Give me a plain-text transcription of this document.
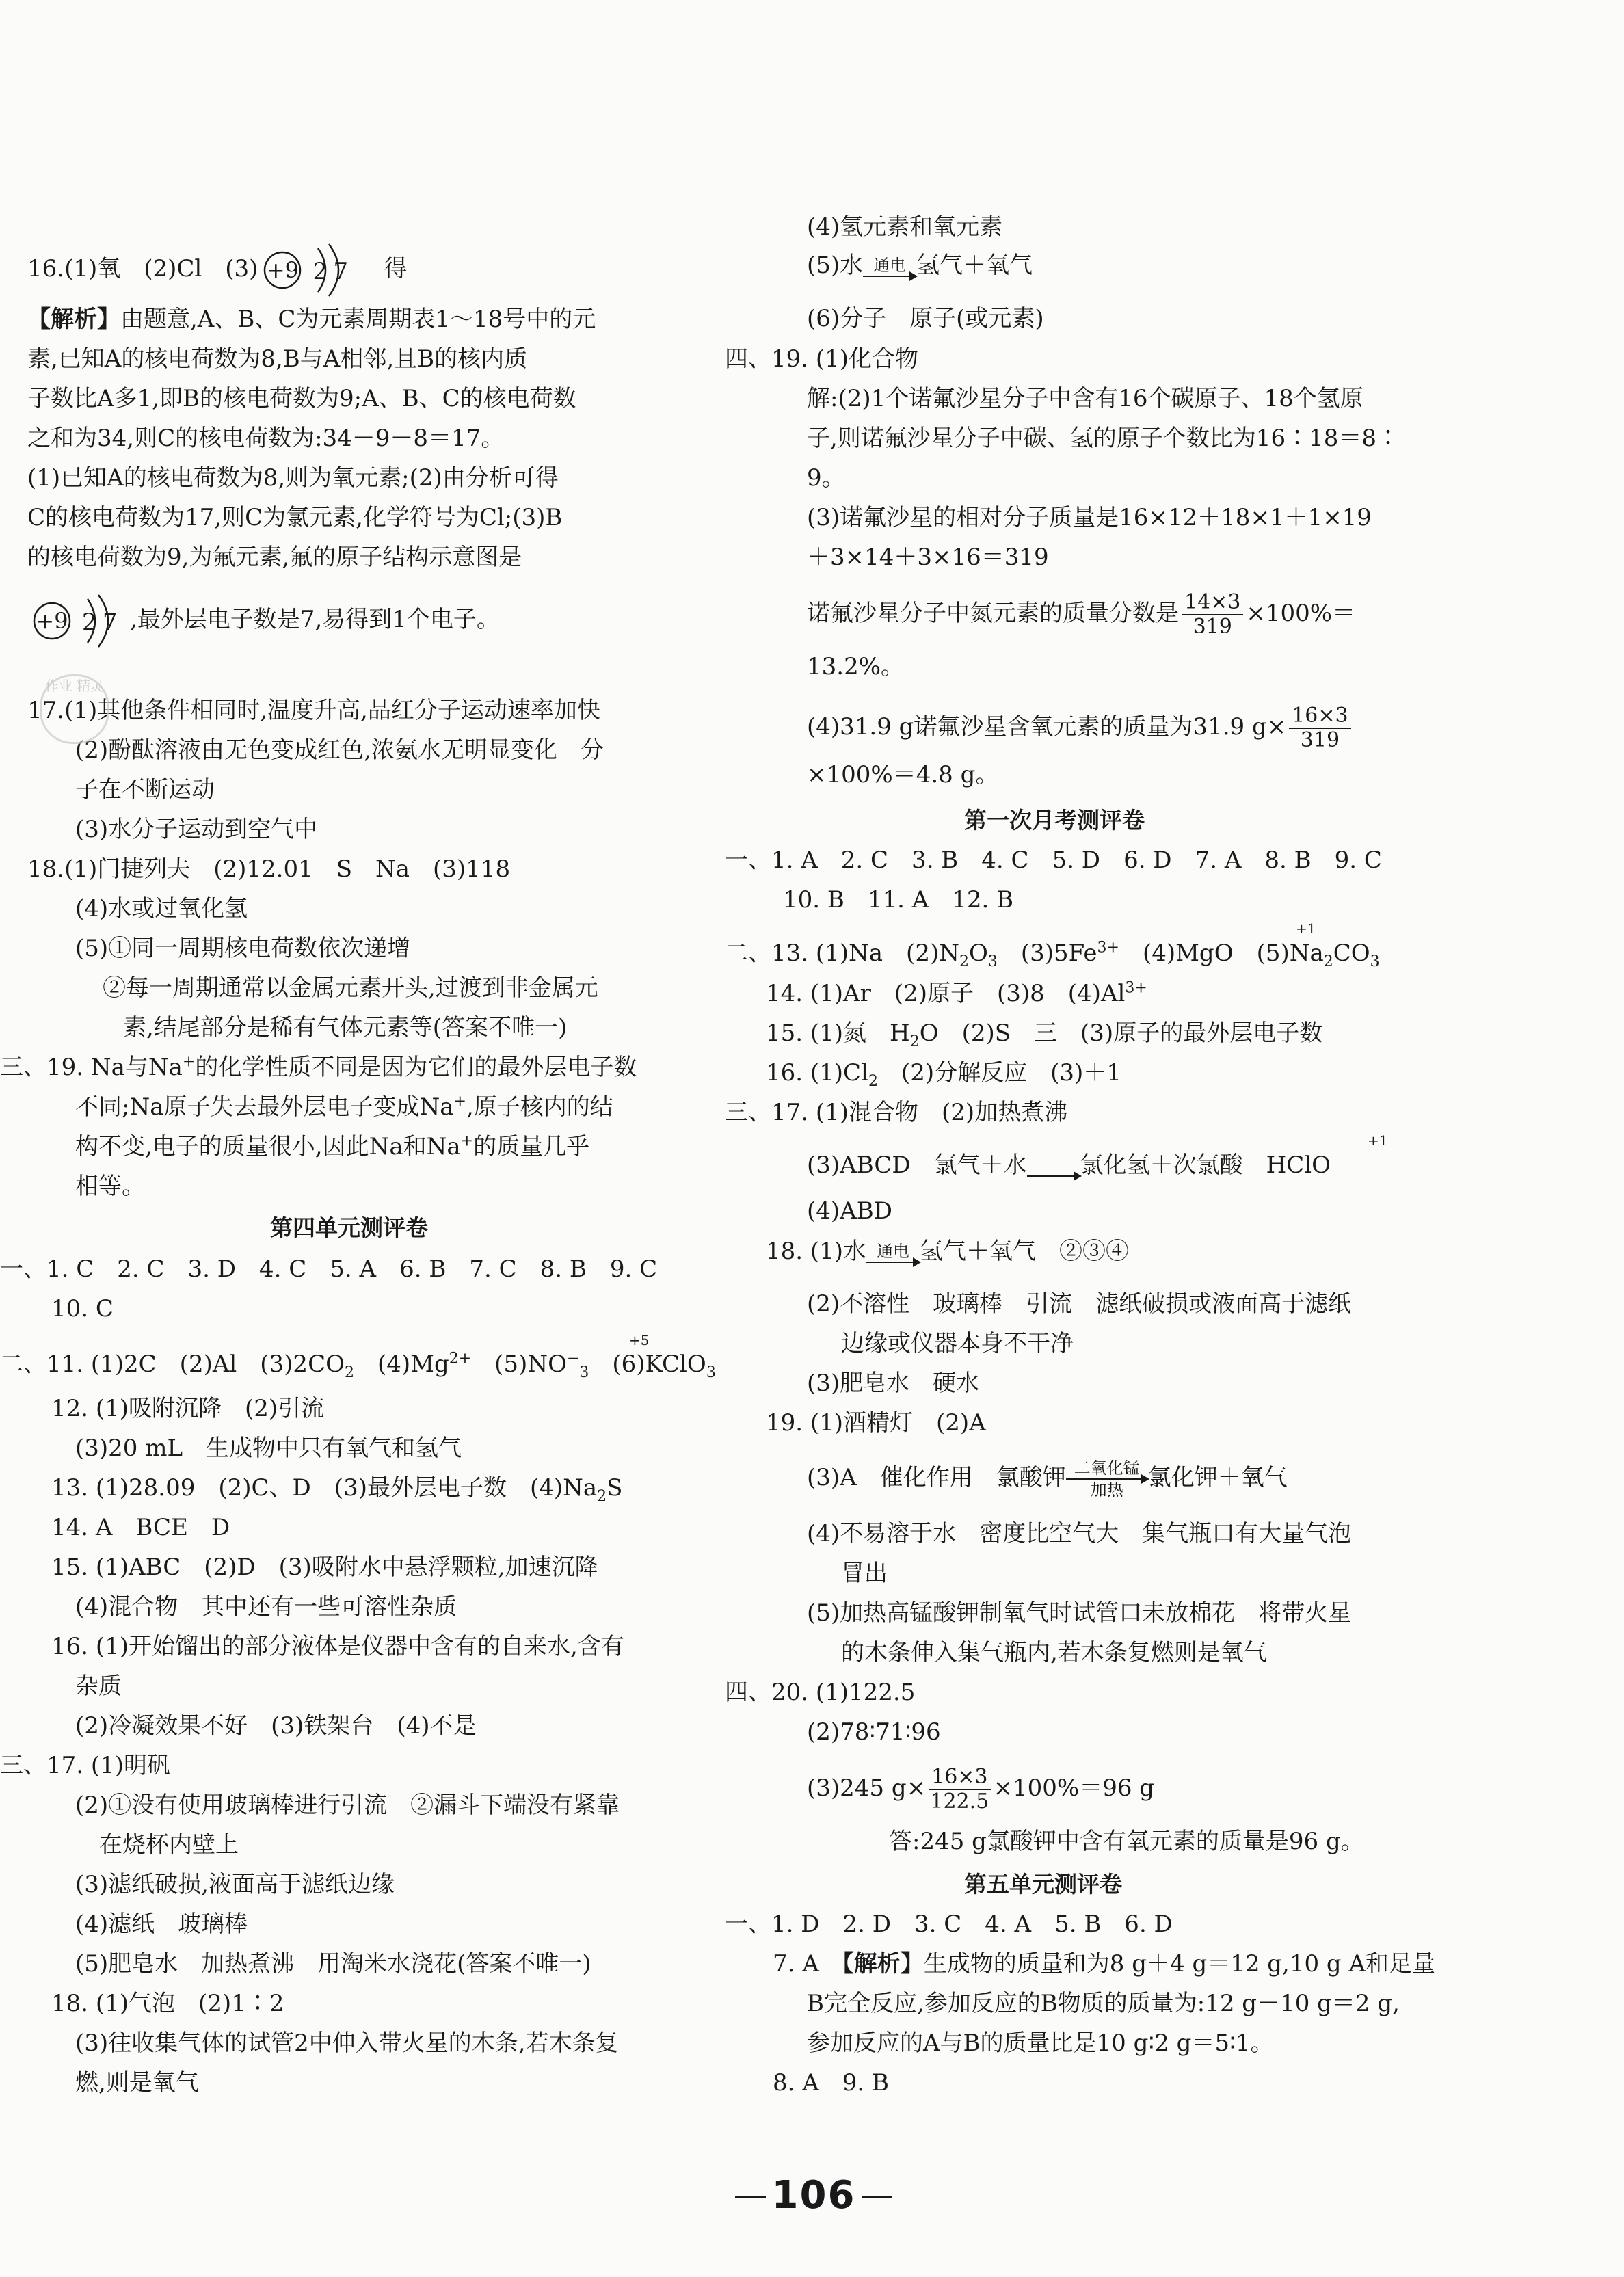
16.(1)氧　(2)Cl　(3) +9 2 7
　 得
【解析】由题意,A、B、C为元素周期表1～18号中的元
素,已知A的核电荷数为8,B与A相邻,且B的核内质
子数比A多1,即B的核电荷数为9;A、B、C的核电荷数
之和为34,则C的核电荷数为:34－9－8＝17。
(1)已知A的核电荷数为8,则为氧元素;(2)由分析可得
C的核电荷数为17,则C为氯元素,化学符号为Cl;(3)B
的核电荷数为9,为氟元素,氟的原子结构示意图是
+9 2 7 ,最外层电子数是7,易得到1个电子。
17.(1)其他条件相同时,温度升高,品红分子运动速率加快
(2)酚酞溶液由无色变成红色,浓氨水无明显变化　分
子在不断运动
(3)水分子运动到空气中
18.(1)门捷列夫　(2)12.01　S　Na　(3)118
(4)水或过氧化氢
(5)①同一周期核电荷数依次递增
②每一周期通常以金属元素开头,过渡到非金属元
素,结尾部分是稀有气体元素等(答案不唯一)
三、19. Na与Na+的化学性质不同是因为它们的最外层电子数
不同;Na原子失去最外层电子变成Na+,原子核内的结
构不变,电子的质量很小,因此Na和Na+的质量几乎
相等。
第四单元测评卷
一、1. C　2. C　3. D　4. C　5. A　6. B　7. C　8. B　9. C
10. C
二、11. (1)2C　(2)Al　$(3)2CO_2$　$(4)Mg^{2+}$　$(5)NO^-_3$　(6)KClO$_3$
+5
12. (1)吸附沉降　(2)引流
(3)20 mL　生成物中只有氧气和氢气
13. (1)28.09　(2)C、D　(3)最外层电子数　$(4)Na_2S$
14. A　BCE　D
15. (1)ABC　(2)D　(3)吸附水中悬浮颗粒,加速沉降
(4)混合物　其中还有一些可溶性杂质
16. (1)开始馏出的部分液体是仪器中含有的自来水,含有
杂质
(2)冷凝效果不好　(3)铁架台　(4)不是
三、17. (1)明矾
(2)①没有使用玻璃棒进行引流　②漏斗下端没有紧靠
在烧杯内壁上
(3)滤纸破损,液面高于滤纸边缘
(4)滤纸　玻璃棒
(5)肥皂水　加热煮沸　用淘米水浇花(答案不唯一)
18. (1)气泡　(2)1∶2
(3)往收集气体的试管2中伸入带火星的木条,若木条复
燃,则是氧气
作业 精灵
(4)氢元素和氧元素
(5)水 通电 氢气＋氧气
(6)分子　原子(或元素)
四、19. (1)化合物
解:(2)1个诺氟沙星分子中含有16个碳原子、18个氢原
子,则诺氟沙星分子中碳、氢的原子个数比为16∶18＝8∶
9。
(3)诺氟沙星的相对分子质量是16×12＋18×1＋1×19
＋3×14＋3×16＝319
诺氟沙星分子中氮元素的质量分数是 $\frac{14\times 3}{319} \times 100\%=$
13.2%。
(4)31.9 g诺氟沙星含氧元素的质量为31.9 $g\times \frac{16\times 3}{319}$
×100%＝4.8 g。
第一次月考测评卷
一、1. A　2. C　3. B　4. C　5. D　6. D　7. A　8. B　9. C
10. B　11. A　12. B
二、13. (1)Na　$(2)N_2O_3$　$(3)5Fe^{3+}$　(4)MgO　$(5)Na_2CO_3$
+1
14. (1)Ar　(2)原子　(3)8　$(4)Al^{3+}$
15. (1)氮　$H_2O$　(2)S　三　(3)原子的最外层电子数
16. $(1)Cl_2$　(2)分解反应　(3)＋1
三、17. (1)混合物　(2)加热煮沸
(3)ABCD　氯气＋水→氯化氢＋次氯酸　HClO
+1
(4)ABD
18. (1)水 通电 氢气＋氧气　②③④
(2)不溶性　玻璃棒　引流　滤纸破损或液面高于滤纸
边缘或仪器本身不干净
(3)肥皂水　硬水
19. (1)酒精灯　(2)A
(3)A　催化作用　氯酸钾 二氧化锰
加热	氯化钾＋氧气
(4)不易溶于水　密度比空气大　集气瓶口有大量气泡
冒出
(5)加热高锰酸钾制氧气时试管口未放棉花　将带火星
的木条伸入集气瓶内,若木条复燃则是氧气
四、20. (1)122.5
(2)78∶71∶96
(3)245 $g\times \frac{16\times 3}{122.5} \times 100\%=96$ g
答:245 g氯酸钾中含有氧元素的质量是96 g。
第五单元测评卷
一、1. D　2. D　3. C　4. A　5. B　6. D
7. A　【解析】生成物的质量和为8 g＋4 g＝12 g,10 g A和足量
B完全反应,参加反应的B物质的质量为:12 g－10 g＝2 g,
参加反应的A与B的质量比是10 g∶2 g＝5∶1。
8. A　9. B
106
